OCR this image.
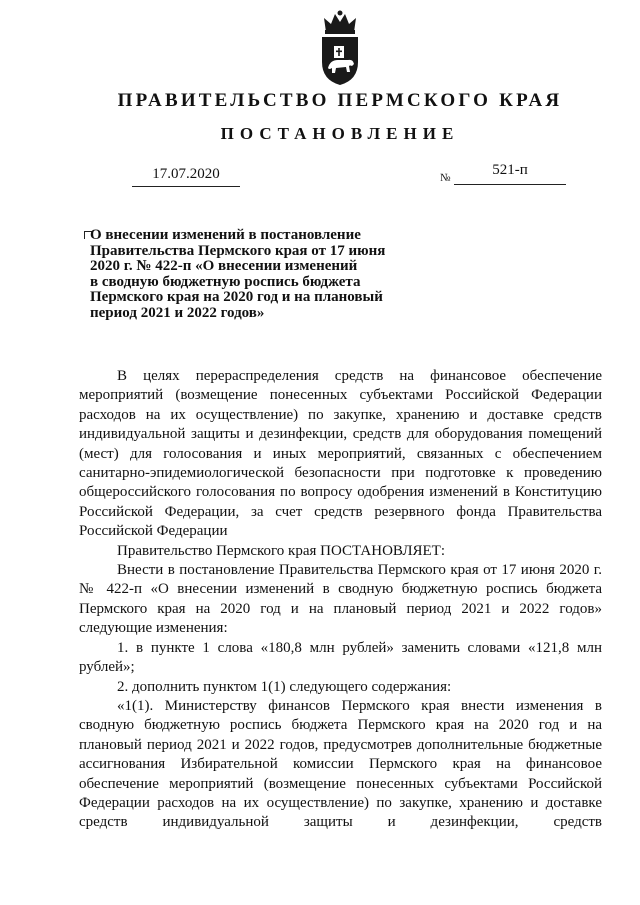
ПРАВИТЕЛЬСТВО ПЕРМСКОГО КРАЯ
ПОСТАНОВЛЕНИЕ
17.07.2020	№	521-п
О внесении изменений в постановление
Правительства Пермского края от 17 июня
2020 г. № 422-п «О внесении изменений
в сводную бюджетную роспись бюджета
Пермского края на 2020 год и на плановый
период 2021 и 2022 годов»

В целях перераспределения средств на финансовое обеспечение мероприятий (возмещение понесенных субъектами Российской Федерации расходов на их осуществление) по закупке, хранению и доставке средств индивидуальной защиты и дезинфекции, средств для оборудования помещений (мест) для голосования и иных мероприятий, связанных с обеспечением санитарно-эпидемиологической безопасности при подготовке к проведению общероссийского голосования по вопросу одобрения изменений в Конституцию Российской Федерации, за счет средств резервного фонда Правительства Российской Федерации

Правительство Пермского края ПОСТАНОВЛЯЕТ:

Внести в постановление Правительства Пермского края от 17 июня 2020 г. № 422-п «О внесении изменений в сводную бюджетную роспись бюджета Пермского края на 2020 год и на плановый период 2021 и 2022 годов» следующие изменения:

1. в пункте 1 слова «180,8 млн рублей» заменить словами «121,8 млн рублей»;

2. дополнить пунктом 1(1) следующего содержания:

«1(1). Министерству финансов Пермского края внести изменения в сводную бюджетную роспись бюджета Пермского края на 2020 год и на плановый период 2021 и 2022 годов, предусмотрев дополнительные бюджетные ассигнования Избирательной комиссии Пермского края на финансовое обеспечение мероприятий (возмещение понесенных субъектами Российской Федерации расходов на их осуществление) по закупке, хранению и доставке средств индивидуальной защиты и дезинфекции, средств
